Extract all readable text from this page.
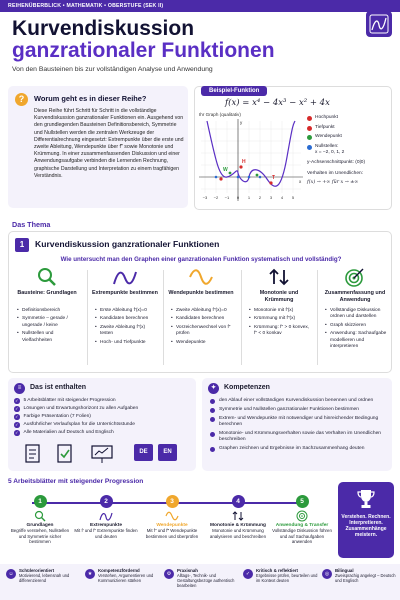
REIHENÜBERBLICK • MATHEMATIK • OBERSTUFE (SEK II)
Kurvendiskussion
ganzrationaler Funktionen
Von den Bausteinen bis zur vollständigen Analyse und Anwendung
?	Worum geht es in dieser Reihe?
Diese Reihe führt Schritt für Schritt in die vollständige Kurvendiskussion ganzrationaler Funktionen ein. Ausgehend von den grundlegenden Bausteinen Definitionsbereich, Symmetrie und Nullstellen werden die zentralen Werkzeuge der Differentialrechnung eingesetzt: Extrempunkte über die erste und zweite Ableitung, Wendepunkte über f‴ sowie Monotonie und Krümmung. In einer zusammenfassenden Diskussion und einer Anwendungsaufgabe verbinden die Lernenden Rechnung, graphische Darstellung und Interpretation zu einem tragfähigen Verständnis.
Beispiel-Funktion
f(x) = x⁴ − 4x³ − x² + 4x
Ihr Graph (qualitativ)
H
T
W
y
x
−3 −2 −1 0 1 2 3 4 5
Hochpunkt
Tiefpunkt
Wendepunkt
Nullstellen:
x = −2, 0, 1, 2
y-Achsenschnittpunkt: (0|0)
Verhalten im Unendlichen:
f(x) → +∞ für x → ±∞
Das Thema
1	Kurvendiskussion ganzrationaler Funktionen
Wie untersucht man den Graphen einer ganzrationalen Funktion systematisch und vollständig?
Bausteine: Grundlagen
• Definitionsbereich
• Symmetrie – gerade / ungerade / keine
• Nullstellen und Vielfachheiten
Extrempunkte bestimmen
• Erste Ableitung f′(x)=0
• Kandidaten berechnen
• Zweite Ableitung f″(x) testen
• Hoch- und Tiefpunkte
Wendepunkte bestimmen
• Zweite Ableitung f″(x)=0
• Kandidaten berechnen
• Vorzeichenwechsel von f″ prüfen
• Wendepunkte
Monotonie und Krümmung
• Monotonie mit f′(x)
• Krümmung mit f″(x)
• Krümmung: f″ > 0 konvex, f″ < 0 konkav
Zusammenfassung und Anwendung
• Vollständige Diskussion ordnen und darstellen
• Graph skizzieren
• Anwendung: Sachaufgabe modellieren und interpretieren
≡	Das ist enthalten
✓ 5 Arbeitsblätter mit steigender Progression
✓ Lösungen und Erwartungshorizont zu allen Aufgaben
✓ Farbige Präsentation (7 Folien)
✓ Ausführlicher Verlaufsplan für die Unterrichtsstunde
✓ Alle Materialien auf Deutsch und Englisch
DE	EN
✦	Kompetenzen
den Ablauf einer vollständigen Kurvendiskussion benennen und ordnen
Symmetrie und Nullstellen ganzrationaler Funktionen bestimmen
Extrem- und Wendepunkte mit notwendiger und hinreichender Bedingung berechnen
Monotonie- und Krümmungsverhalten sowie das Verhalten im Unendlichen beschreiben
Graphen zeichnen und Ergebnisse im Sachzusammenhang deuten
5 Arbeitsblätter mit steigender Progression
1
Grundlagen
Begriffe verstehen, Nullstellen und Symmetrie sicher bestimmen
2
Extrempunkte
Mit f′ und f″ Extrempunkte finden und deuten
3
Wendepunkte
Mit f″ und f‴ Wendepunkte bestimmen und überprüfen
4
Monotonie & Krümmung
Monotonie und Krümmung analysieren und beschreiben
5
Anwendung & Transfer
Vollständige Diskussion führen und auf Sachaufgaben anwenden
Verstehen. Rechnen. Interpretieren. Zusammenhänge meistern.
☺
Schülerorientiert
Motivierend, lebensnah und differenzierend
★
Kompetenzfördernd
Verstehen, Argumentieren und Kommunizieren stärken
⚙
Praxisnah
Alltags-, Technik- und Gestaltungsbezüge authentisch bearbeiten
✓
Kritisch & reflektiert
Ergebnisse prüfen, beurteilen und im Kontext deuten
◎
Bilingual
Zweisprachig angelegt – Deutsch und Englisch
